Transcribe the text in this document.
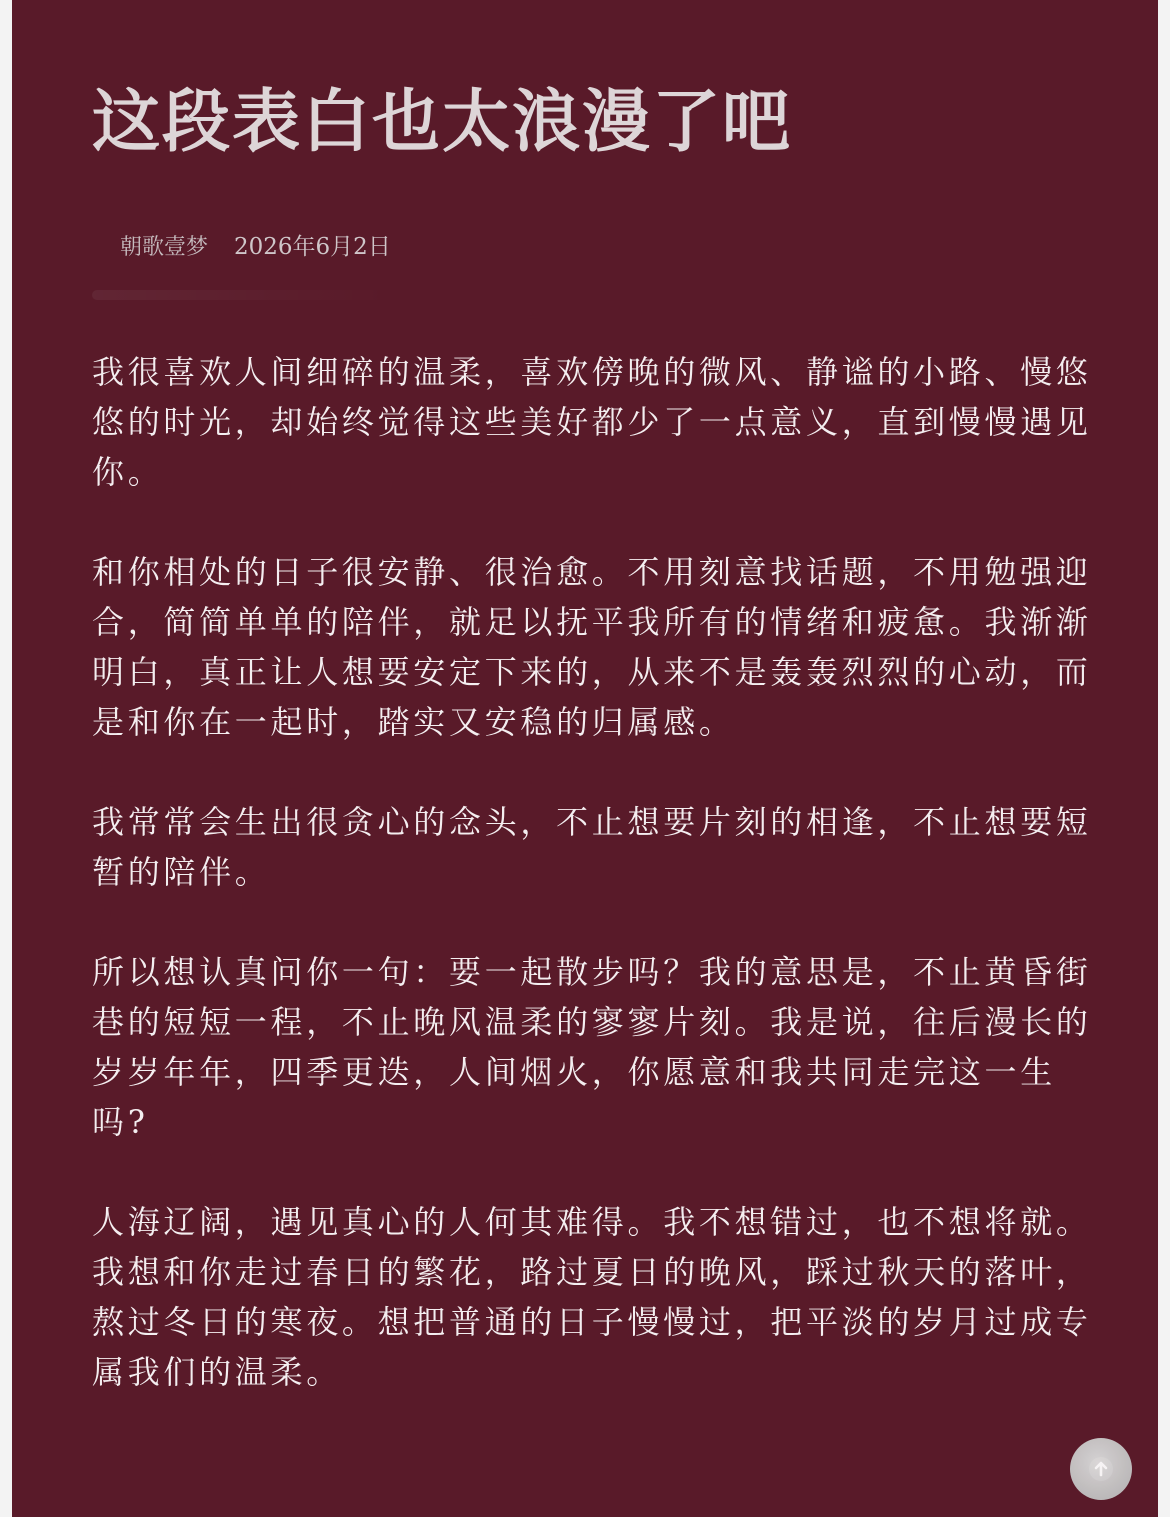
这段表白也太浪漫了吧
朝歌壹梦 2026年6月2日

我很喜欢人间细碎的温柔，喜欢傍晚的微风、静谧的小路、慢悠悠的时光，却始终觉得这些美好都少了一点意义，直到慢慢遇见你。

和你相处的日子很安静、很治愈。不用刻意找话题，不用勉强迎合，简简单单的陪伴，就足以抚平我所有的情绪和疲惫。我渐渐明白，真正让人想要安定下来的，从来不是轰轰烈烈的心动，而是和你在一起时，踏实又安稳的归属感。

我常常会生出很贪心的念头，不止想要片刻的相逢，不止想要短暂的陪伴。

所以想认真问你一句：要一起散步吗？我的意思是，不止黄昏街巷的短短一程，不止晚风温柔的寥寥片刻。我是说，往后漫长的岁岁年年，四季更迭，人间烟火，你愿意和我共同走完这一生吗?

人海辽阔，遇见真心的人何其难得。我不想错过，也不想将就。我想和你走过春日的繁花，路过夏日的晚风，踩过秋天的落叶，熬过冬日的寒夜。想把普通的日子慢慢过，把平淡的岁月过成专属我们的温柔。
